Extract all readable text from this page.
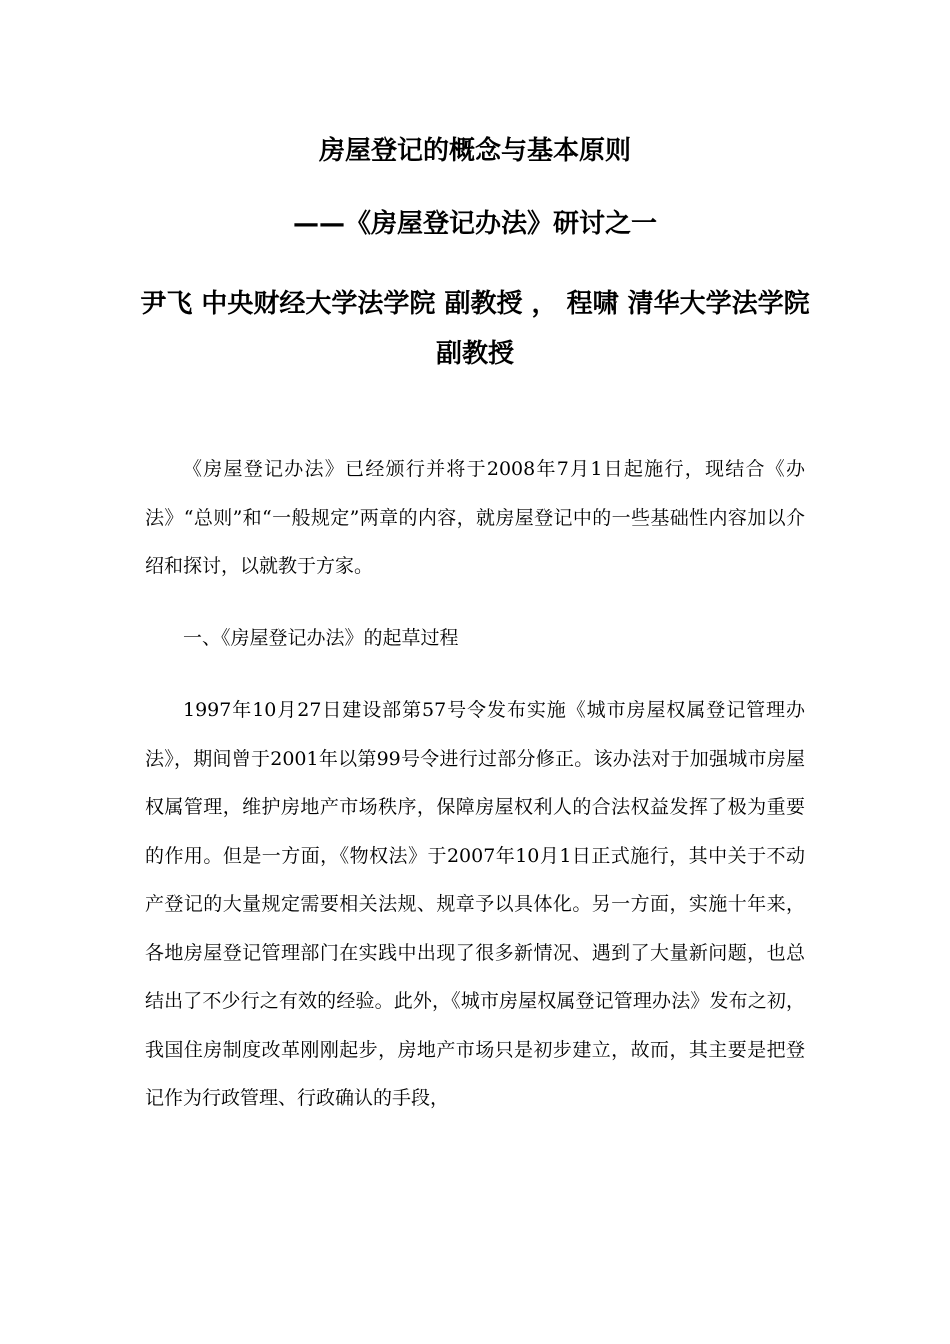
房屋登记的概念与基本原则
——《房屋登记办法》研讨之一

尹飞 中央财经大学法学院 副教授 ， 程啸 清华大学法学院 副教授

《房屋登记办法》已经颁行并将于2008年7月1日起施行，现结合《办法》“总则”和“一般规定”两章的内容，就房屋登记中的一些基础性内容加以介绍和探讨，以就教于方家。

一、《房屋登记办法》的起草过程

1997年10月27日建设部第57号令发布实施《城市房屋权属登记管理办法》，期间曾于2001年以第99号令进行过部分修正。该办法对于加强城市房屋权属管理，维护房地产市场秩序，保障房屋权利人的合法权益发挥了极为重要的作用。但是一方面，《物权法》于2007年10月1日正式施行，其中关于不动产登记的大量规定需要相关法规、规章予以具体化。另一方面，实施十年来，各地房屋登记管理部门在实践中出现了很多新情况、遇到了大量新问题，也总结出了不少行之有效的经验。此外，《城市房屋权属登记管理办法》发布之初，我国住房制度改革刚刚起步，房地产市场只是初步建立，故而，其主要是把登记作为行政管理、行政确认的手段，
